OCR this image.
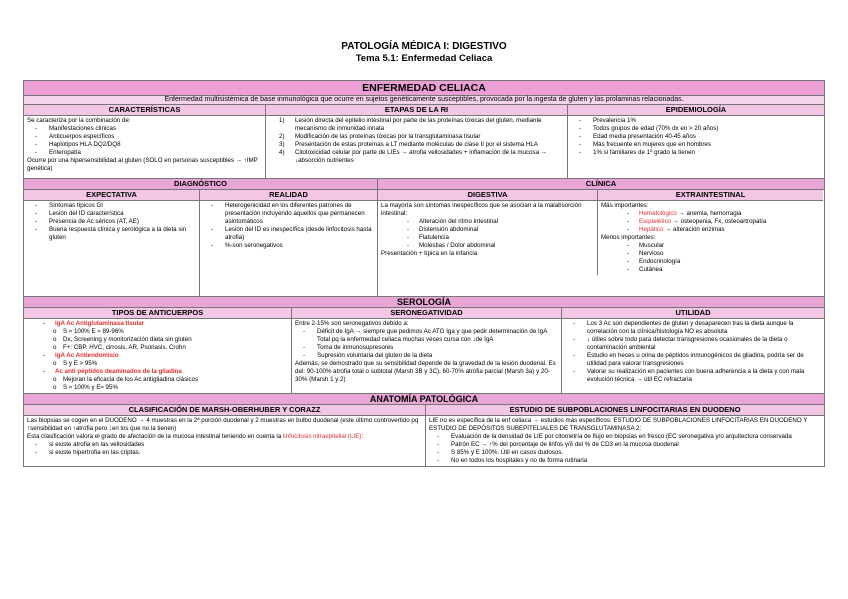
PATOLOGÍA MÉDICA I: DIGESTIVO
Tema 5.1: Enfermedad Celiaca
ENFERMEDAD CELIACA
Enfermedad multisistémica de base inmunológica que ocurre en sujetos genéticamente susceptibles, provocada por la ingesta de gluten y las prolaminas relacionadas.
CARACTERÍSTICAS

Se caracteriza por la combinación de:

- Manifestaciones clínicas
- Anticuerpos específicos
- Haplotipos HLA DQ2/DQ8
- Enteropatía

Ocurre por una hipersensibilidad al gluten (SOLO en personas susceptibles → ↑IMP genética)

ETAPAS DE LA RI
1) Lesión directa del epitelio intestinal por parte de las proteínas tóxicas del gluten, mediante mecanismo de inmunidad innata
2) Modificación de las proteínas tóxicas por la transglutaminasa tisular
3) Presentación de estas proteínas a LT mediante moléculas de clase II por el sistema HLA
4) Citotoxicidad celular por parte de LIEs → atrofia vellosidades + inflamación de la mucosa → ↓absorción nutrientes
EPIDEMIOLOGÍA
- Prevalencia 1%
- Todos grupos de edad (70% dx en > 20 años)
- Edad media presentación 40-45 años
- Más frecuente en mujeres que en hombres
- 1% si familiares de 1º grado la tienen
DIAGNÓSTICO
EXPECTATIVA
- Síntomas típicos GI
- Lesión del ID característica
- Presencia de Ac séricos (AT, AE)
- Buena respuesta clínica y serológica a la dieta sin gluten
REALIDAD
- Heterogenicidad en los diferentes patrones de presentación incluyendo aquellos que permanecen asintomáticos
- Lesión del ID es inespecífica (desde linfocitosis hasta atrofia)
- %-son seronegativos
CLÍNICA
DIGESTIVA

La mayoría son síntomas inespecíficos que se asocian a la malabsorción intestinal:

- Alteración del ritmo intestinal
- Distensión abdominal
- Flatulencia
- Molestias / Dolor abdominal

Presentación + típica en la infancia

EXTRAINTESTINAL

Más importantes:

- Hematológico → anemia, hemorragia
- Esquelético → osteopenia, Fx, osteoartropatía
- Hepático → alteración enzimas

Menos importantes:

- Muscular
- Nervioso
- Endocrinología
- Cutánea
SEROLOGÍA
TIPOS DE ANTICUERPOS
▪ IgA Ac Antiglutaminasa tisular
o S ≈ 100% E ≈ 89-96%
o Dx, Screening y monitorización dieta sin gluten
o F+: CBP, HVC, cirrosis, AR, Psoriasis, Crohn
▪ IgA Ac Antiendomisio
o S y E > 95%
▪ Ac anti péptidos deaminados de la gliadina
o Mejoran la eficacia de los Ac antigliadina clásicos
o S ≈ 100% y E≈ 95%
SERONEGATIVIDAD

Entre 2-15% son seronegativos debido a:

- Déficit de IgA → siempre que pedimos Ac ATG Iga y que pedir determinación de IgA Total pq la enfermedad celiaca muchas veces cursa con ↓de IgA
- Toma de inmunosupresores
- Supresión voluntaria del gluten de la dieta

Además, se demostrado que su sensibilidad depende de la gravedad de la lesión duodenal. Es del: 90-100% atrofia total o subtotal (Marsh 3B y 3C), 60-70% atrofia parcial (Marsh 3a) y 20-30% (Marsh 1 y 2)

UTILIDAD
- Los 3 Ac son dependientes de gluten y desaparecen tras la dieta aunque la correlación con la clínica/histología NO es absoluta
- ↓ útiles sobre todo para detectar transgresiones ocasionales de la dieta o contaminación ambiental
- Estudio en heces u orina de péptidos inmunogénicos de gliadina, podría ser de utilidad para valorar transgresiones
- Valorar su realización en pacientes con buena adherencia a la dieta y con mala evolución técnica → útil EC refractaria
ANATOMÍA PATOLÓGICA
CLASIFICACIÓN DE MARSH-OBERHUBER Y CORAZZ

Las biopsias se cogen en el DUODENO → 4 muestras en la 2ª porción duodenal y 2 muestras en bulbo duodenal (este último controvertido pq ↑sensibilidad en ↑atrofia pero ↓en los que no la tienen)

Esta clasificación valora el grado de afectación de la mucosa intestinal teniendo en cuenta la linfocitosis intraepitelial (LIE):

- si existe atrofia en las vellosidades
- si existe hipertrofia en las criptas.
ESTUDIO DE SUBPOBLACIONES LINFOCITARIAS EN DUODENO

LIE no es específica de la enf celiaca → estudios más específicos: ESTUDIO DE SUBPOBLACIONES LINFOCITARIAS EN DUODENO Y ESTUDIO DE DEPÓSITOS SUBEPITELIALES DE TRANSGLUTAMINASA 2:

- Evaluación de la densidad de LIE por citometría de flujo en biopsias en fresco (EC seronegativa y/o arquitectura conservada
- Patrón EC → ↑% del porcentaje de linfos γ/δ del % de CD3 en la mucosa duodenal
- S 85% y E 100%. Útil en casos dudosos.
- No en todos los hospitales y no de forma rutinaria
